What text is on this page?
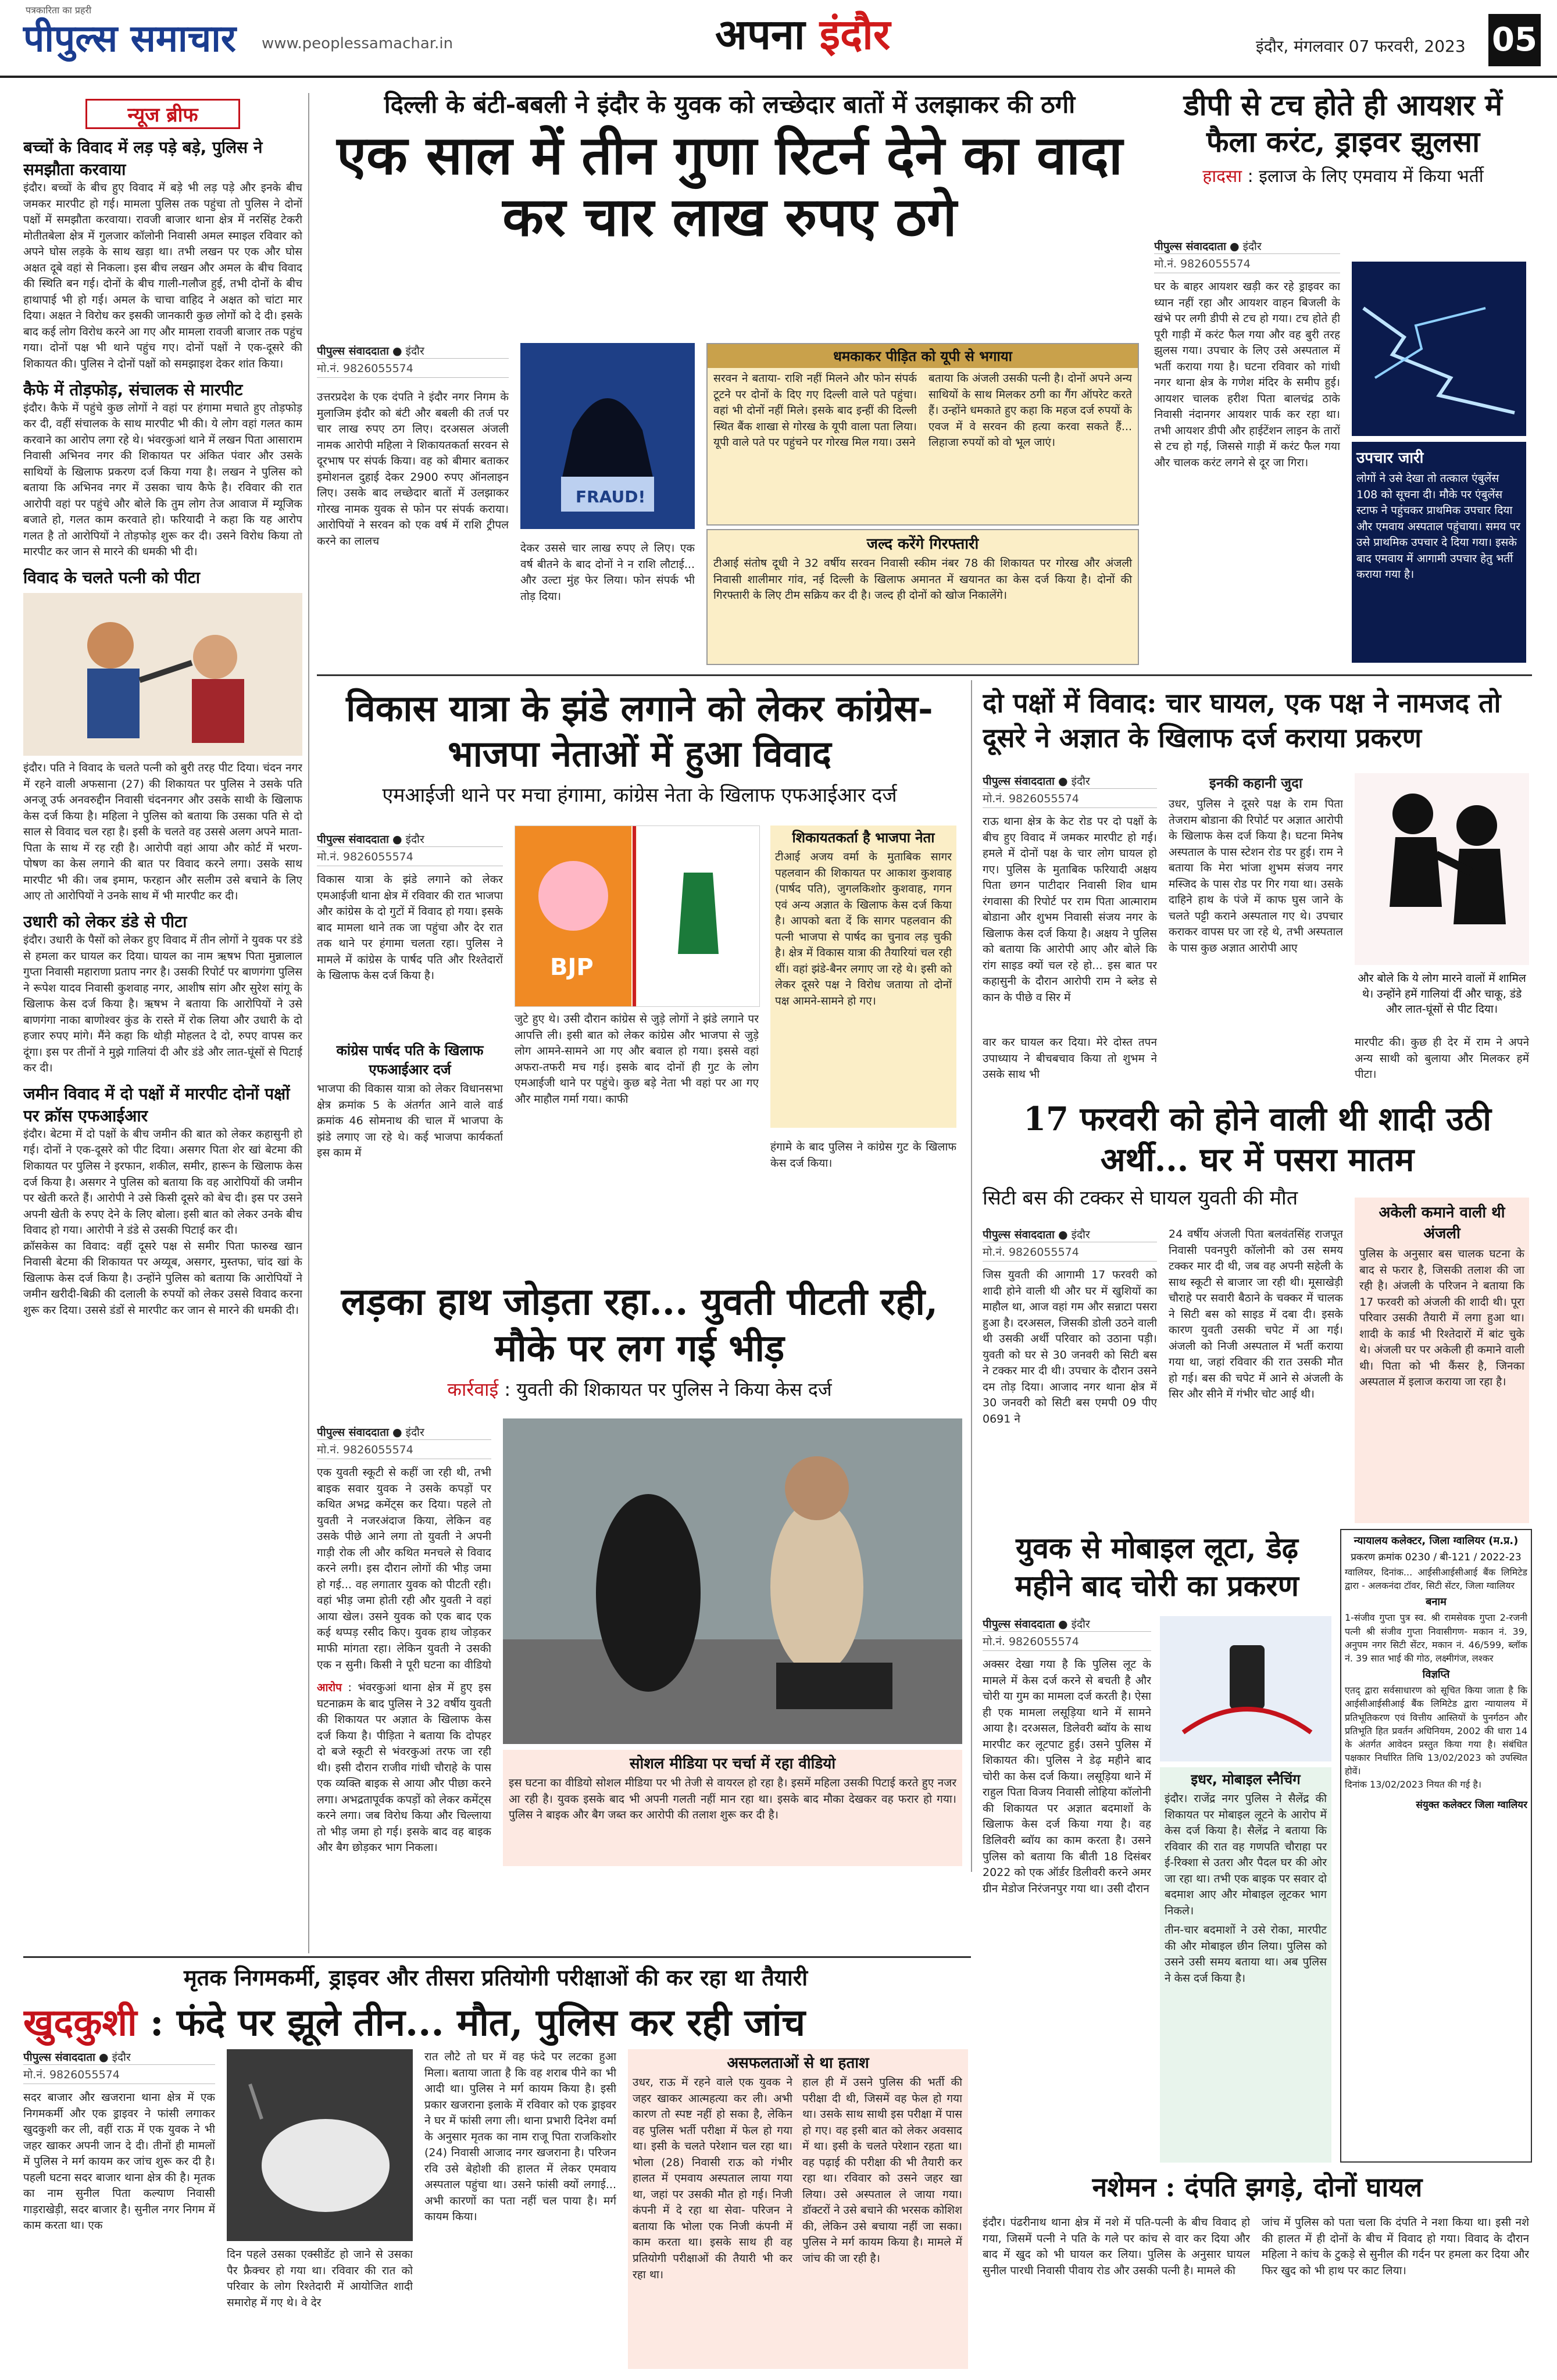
पत्रकारिता का प्रहरी
पीपुल्स समाचार www.peoplessamachar.in	अपना इंदौर	इंदौर, मंगलवार 07 फरवरी, 2023 05
न्यूज ब्रीफ
बच्चों के विवाद में लड़ पड़े बड़े, पुलिस ने समझौता करवाया
इंदौर। बच्चों के बीच हुए विवाद में बड़े भी लड़ पड़े और इनके बीच जमकर मारपीट हो गई। मामला पुलिस तक पहुंचा तो पुलिस ने दोनों पक्षों में समझौता करवाया। रावजी बाजार थाना क्षेत्र में नरसिंह टेकरी मोतीतबेला क्षेत्र में गुलजार कॉलोनी निवासी अमल स्माइल रविवार को अपने घोस लड़के के साथ खड़ा था। तभी लखन पर एक और घोस अक्षत दूबे वहां से निकला। इस बीच लखन और अमल के बीच विवाद की स्थिति बन गई। दोनों के बीच गाली-गलौज हुई, तभी दोनों के बीच हाथापाई भी हो गई। अमल के चाचा वाहिद ने अक्षत को चांटा मार दिया। अक्षत ने विरोध कर इसकी जानकारी कुछ लोगों को दे दी। इसके बाद कई लोग विरोध करने आ गए और मामला रावजी बाजार तक पहुंच गया। दोनों पक्ष भी थाने पहुंच गए। दोनों पक्षों ने एक-दूसरे की शिकायत की। पुलिस ने दोनों पक्षों को समझाइश देकर शांत किया।
कैफे में तोड़फोड़, संचालक से मारपीट
इंदौर। कैफे में पहुंचे कुछ लोगों ने वहां पर हंगामा मचाते हुए तोड़फोड़ कर दी, वहीं संचालक के साथ मारपीट भी की। ये लोग वहां गलत काम करवाने का आरोप लगा रहे थे। भंवरकुआं थाने में लखन पिता आसाराम निवासी अभिनव नगर की शिकायत पर अंकित पंवार और उसके साथियों के खिलाफ प्रकरण दर्ज किया गया है। लखन ने पुलिस को बताया कि अभिनव नगर में उसका चाय कैफे है। रविवार की रात आरोपी वहां पर पहुंचे और बोले कि तुम लोग तेज आवाज में म्यूजिक बजाते हो, गलत काम करवाते हो। फरियादी ने कहा कि यह आरोप गलत है तो आरोपियों ने तोड़फोड़ शुरू कर दी। उसने विरोध किया तो मारपीट कर जान से मारने की धमकी भी दी।
विवाद के चलते पत्नी को पीटा
इंदौर। पति ने विवाद के चलते पत्नी को बुरी तरह पीट दिया। चंदन नगर में रहने वाली अफसाना (27) की शिकायत पर पुलिस ने उसके पति अनजू उर्फ अनवरुद्दीन निवासी चंदननगर और उसके साथी के खिलाफ केस दर्ज किया है। महिला ने पुलिस को बताया कि उसका पति से दो साल से विवाद चल रहा है। इसी के चलते वह उससे अलग अपने माता-पिता के साथ में रह रही है। आरोपी वहां आया और कोर्ट में भरण-पोषण का केस लगाने की बात पर विवाद करने लगा। उसके साथ मारपीट भी की। जब इमाम, फरहान और सलीम उसे बचाने के लिए आए तो आरोपियों ने उनके साथ में भी मारपीट कर दी।
उधारी को लेकर डंडे से पीटा
इंदौर। उधारी के पैसों को लेकर हुए विवाद में तीन लोगों ने युवक पर डंडे से हमला कर घायल कर दिया। घायल का नाम ऋषभ पिता मुन्नालाल गुप्ता निवासी महाराणा प्रताप नगर है। उसकी रिपोर्ट पर बाणगंगा पुलिस ने रूपेश यादव निवासी कुशवाह नगर, आशीष सांग और सुरेश सांगू के खिलाफ केस दर्ज किया है। ऋषभ ने बताया कि आरोपियों ने उसे बाणगंगा नाका बाणोश्वर कुंड के रास्ते में रोक लिया और उधारी के दो हजार रुपए मांगे। मैंने कहा कि थोड़ी मोहलत दे दो, रुपए वापस कर दूंगा। इस पर तीनों ने मुझे गालियां दी और डंडे और लात-घूंसों से पिटाई कर दी।
जमीन विवाद में दो पक्षों में मारपीट दोनों पक्षों पर क्रॉस एफआईआर
इंदौर। बेटमा में दो पक्षों के बीच जमीन की बात को लेकर कहासुनी हो गई। दोनों ने एक-दूसरे को पीट दिया। असगर पिता शेर खां बेटमा की शिकायत पर पुलिस ने इरफान, शकील, समीर, हारून के खिलाफ केस दर्ज किया है। असगर ने पुलिस को बताया कि वह आरोपियों की जमीन पर खेती करते हैं। आरोपी ने उसे किसी दूसरे को बेच दी। इस पर उसने अपनी खेती के रुपए देने के लिए बोला। इसी बात को लेकर उनके बीच विवाद हो गया। आरोपी ने डंडे से उसकी पिटाई कर दी।
क्रॉसकेस का विवाद: वहीं दूसरे पक्ष से समीर पिता फारुख खान निवासी बेटमा की शिकायत पर अय्यूब, असगर, मुस्तफा, चांद खां के खिलाफ केस दर्ज किया है। उन्होंने पुलिस को बताया कि आरोपियों ने जमीन खरीदी-बिक्री की दलाली के रुपयों को लेकर उससे विवाद करना शुरू कर दिया। उससे डंडों से मारपीट कर जान से मारने की धमकी दी।
दिल्ली के बंटी-बबली ने इंदौर के युवक को लच्छेदार बातों में उलझाकर की ठगी
एक साल में तीन गुणा रिटर्न देने का वादा कर चार लाख रुपए ठगे
पीपुल्स संवाददाता ● इंदौर
मो.नं. 9826055574
उत्तरप्रदेश के एक दंपति ने इंदौर नगर निगम के मुलाजिम इंदौर को बंटी और बबली की तर्ज पर चार लाख रुपए ठग लिए। दरअसल अंजली नामक आरोपी महिला ने शिकायतकर्ता सरवन से दूरभाष पर संपर्क किया। वह को बीमार बताकर इमोशनल दुहाई देकर 2900 रुपए ऑनलाइन लिए। उसके बाद लच्छेदार बातों में उलझाकर गोरख नामक युवक से फोन पर संपर्क कराया। आरोपियों ने सरवन को एक वर्ष में राशि ट्रीपल करने का लालच
FRAUD!
देकर उससे चार लाख रुपए ले लिए। एक वर्ष बीतने के बाद दोनों ने न राशि लौटाई... और उल्टा मुंह फेर लिया। फोन संपर्क भी तोड़ दिया।
धमकाकर पीड़ित को यूपी से भगाया
सरवन ने बताया- राशि नहीं मिलने और फोन संपर्क टूटने पर दोनों के दिए गए दिल्ली वाले पते पहुंचा। वहां भी दोनों नहीं मिले। इसके बाद इन्हीं की दिल्ली स्थित बैंक शाखा से गोरख के यूपी वाला पता लिया। यूपी वाले पते पर पहुंचने पर गोरख मिल गया। उसने
बताया कि अंजली उसकी पत्नी है। दोनों अपने अन्य साथियों के साथ मिलकर ठगी का गैंग ऑपरेट करते हैं। उन्होंने धमकाते हुए कहा कि महज दर्ज रुपयों के एवज में वे सरवन की हत्या करवा सकते हैं... लिहाजा रुपयों को वो भूल जाएं।
जल्द करेंगे गिरफ्तारी
टीआई संतोष दूधी ने 32 वर्षीय सरवन निवासी स्कीम नंबर 78 की शिकायत पर गोरख और अंजली निवासी शालीमार गांव, नई दिल्ली के खिलाफ अमानत में खयानत का केस दर्ज किया है। दोनों की गिरफ्तारी के लिए टीम सक्रिय कर दी है। जल्द ही दोनों को खोज निकालेंगे।
डीपी से टच होते ही आयशर में फैला करंट, ड्राइवर झुलसा
हादसा : इलाज के लिए एमवाय में किया भर्ती
पीपुल्स संवाददाता ● इंदौर
मो.नं. 9826055574
घर के बाहर आयशर खड़ी कर रहे ड्राइवर का ध्यान नहीं रहा और आयशर वाहन बिजली के खंभे पर लगी डीपी से टच हो गया। टच होते ही पूरी गाड़ी में करंट फैल गया और वह बुरी तरह झुलस गया। उपचार के लिए उसे अस्पताल में भर्ती कराया गया है। घटना रविवार को गांधी नगर थाना क्षेत्र के गणेश मंदिर के समीप हुई। आयशर चालक हरीश पिता बालचंद्र ठाके निवासी नंदानगर आयशर पार्क कर रहा था। तभी आयशर डीपी और हाईटेंशन लाइन के तारों से टच हो गई, जिससे गाड़ी में करंट फैल गया और चालक करंट लगने से दूर जा गिरा।	उपचार जारी
लोगों ने उसे देखा तो तत्काल एंबुलेंस 108 को सूचना दी। मौके पर एंबुलेंस स्टाफ ने पहुंचकर प्राथमिक उपचार दिया और एमवाय अस्पताल पहुंचाया। समय पर उसे प्राथमिक उपचार दे दिया गया। इसके बाद एमवाय में आगामी उपचार हेतु भर्ती कराया गया है।
विकास यात्रा के झंडे लगाने को लेकर कांग्रेस-भाजपा नेताओं में हुआ विवाद
एमआईजी थाने पर मचा हंगामा, कांग्रेस नेता के खिलाफ एफआईआर दर्ज
पीपुल्स संवाददाता ● इंदौर
मो.नं. 9826055574
विकास यात्रा के झंडे लगाने को लेकर एमआईजी थाना क्षेत्र में रविवार की रात भाजपा और कांग्रेस के दो गुटों में विवाद हो गया। इसके बाद मामला थाने तक जा पहुंचा और देर रात तक थाने पर हंगामा चलता रहा। पुलिस ने मामले में कांग्रेस के पार्षद पति और रिश्तेदारों के खिलाफ केस दर्ज किया है।
कांग्रेस पार्षद पति के खिलाफ एफआईआर दर्ज
भाजपा की विकास यात्रा को लेकर विधानसभा क्षेत्र क्रमांक 5 के अंतर्गत आने वाले वार्ड क्रमांक 46 सोमनाथ की चाल में भाजपा के झंडे लगाए जा रहे थे। कई भाजपा कार्यकर्ता इस काम में
BJP
जुटे हुए थे। उसी दौरान कांग्रेस से जुड़े लोगों ने झंडे लगाने पर आपत्ति ली। इसी बात को लेकर कांग्रेस और भाजपा से जुड़े लोग आमने-सामने आ गए और बवाल हो गया। इससे वहां अफरा-तफरी मच गई। इसके बाद दोनों ही गुट के लोग एमआईजी थाने पर पहुंचे। कुछ बड़े नेता भी वहां पर आ गए और माहौल गर्मा गया। काफी
शिकायतकर्ता है भाजपा नेता
टीआई अजय वर्मा के मुताबिक सागर पहलवान की शिकायत पर आकाश कुशवाह (पार्षद पति), जुगलकिशोर कुशवाह, गगन एवं अन्य अज्ञात के खिलाफ केस दर्ज किया है। आपको बता दें कि सागर पहलवान की पत्नी भाजपा से पार्षद का चुनाव लड़ चुकी है। क्षेत्र में विकास यात्रा की तैयारियां चल रही थीं। वहां झंडे-बैनर लगाए जा रहे थे। इसी को लेकर दूसरे पक्ष ने विरोध जताया तो दोनों पक्ष आमने-सामने हो गए।
हंगामे के बाद पुलिस ने कांग्रेस गुट के खिलाफ केस दर्ज किया।
दो पक्षों में विवाद: चार घायल, एक पक्ष ने नामजद तो दूसरे ने अज्ञात के खिलाफ दर्ज कराया प्रकरण
पीपुल्स संवाददाता ● इंदौर
मो.नं. 9826055574
राऊ थाना क्षेत्र के केट रोड पर दो पक्षों के बीच हुए विवाद में जमकर मारपीट हो गई। हमले में दोनों पक्ष के चार लोग घायल हो गए। पुलिस के मुताबिक फरियादी अक्षय पिता छगन पाटीदार निवासी शिव धाम रंगवासा की रिपोर्ट पर राम पिता आत्माराम बोडाना और शुभम निवासी संजय नगर के खिलाफ केस दर्ज किया है। अक्षय ने पुलिस को बताया कि आरोपी आए और बोले कि रांग साइड क्यों चल रहे हो... इस बात पर कहासुनी के दौरान आरोपी राम ने ब्लेड से कान के पीछे व सिर में
इनकी कहानी जुदा
उधर, पुलिस ने दूसरे पक्ष के राम पिता तेजराम बोडाना की रिपोर्ट पर अज्ञात आरोपी के खिलाफ केस दर्ज किया है। घटना मिनेष अस्पताल के पास स्टेशन रोड पर हुई। राम ने बताया कि मेरा भांजा शुभम संजय नगर मस्जिद के पास रोड पर गिर गया था। उसके दाहिने हाथ के पंजे में काफ घुस जाने के चलते पट्टी कराने अस्पताल गए थे। उपचार कराकर वापस घर जा रहे थे, तभी अस्पताल के पास कुछ अज्ञात आरोपी आए
और बोले कि ये लोग मारने वालों में शामिल थे। उन्होंने हमें गालियां दीं और चाकू, डंडे और लात-घूंसों से पीट दिया।
वार कर घायल कर दिया। मेरे दोस्त तपन उपाध्याय ने बीचबचाव किया तो शुभम ने उसके साथ भी
मारपीट की। कुछ ही देर में राम ने अपने अन्य साथी को बुलाया और मिलकर हमें पीटा।
लड़का हाथ जोड़ता रहा... युवती पीटती रही, मौके पर लग गई भीड़
कार्रवाई : युवती की शिकायत पर पुलिस ने किया केस दर्ज
पीपुल्स संवाददाता ● इंदौर
मो.नं. 9826055574
एक युवती स्कूटी से कहीं जा रही थी, तभी बाइक सवार युवक ने उसके कपड़ों पर कथित अभद्र कमेंट्स कर दिया। पहले तो युवती ने नजरअंदाज किया, लेकिन वह उसके पीछे आने लगा तो युवती ने अपनी गाड़ी रोक ली और कथित मनचले से विवाद करने लगी। इस दौरान लोगों की भीड़ जमा हो गई... वह लगातार युवक को पीटती रही। वहां भीड़ जमा होती रही और युवती ने वहां आया खेल। उसने युवक को एक बाद एक कई थप्पड़ रसीद किए। युवक हाथ जोड़कर माफी मांगता रहा। लेकिन युवती ने उसकी एक न सुनी। किसी ने पूरी घटना का वीडियो
आरोप : भंवरकुआं थाना क्षेत्र में हुए इस घटनाक्रम के बाद पुलिस ने 32 वर्षीय युवती की शिकायत पर अज्ञात के खिलाफ केस दर्ज किया है। पीड़िता ने बताया कि दोपहर दो बजे स्कूटी से भंवरकुआं तरफ जा रही थी। इसी दौरान राजीव गांधी चौराहे के पास एक व्यक्ति बाइक से आया और पीछा करने लगा। अभद्रतापूर्वक कपड़ों को लेकर कमेंट्स करने लगा। जब विरोध किया और चिल्लाया तो भीड़ जमा हो गई। इसके बाद वह बाइक और बैग छोड़कर भाग निकला।
सोशल मीडिया पर चर्चा में रहा वीडियो
इस घटना का वीडियो सोशल मीडिया पर भी तेजी से वायरल हो रहा है। इसमें महिला उसकी पिटाई करते हुए नजर आ रही है। युवक इसके बाद भी अपनी गलती नहीं मान रहा था। इसके बाद मौका देखकर वह फरार हो गया। पुलिस ने बाइक और बैग जब्त कर आरोपी की तलाश शुरू कर दी है।
17 फरवरी को होने वाली थी शादी उठी अर्थी... घर में पसरा मातम
सिटी बस की टक्कर से घायल युवती की मौत
पीपुल्स संवाददाता ● इंदौर
मो.नं. 9826055574
जिस युवती की आगामी 17 फरवरी को शादी होने वाली थी और घर में खुशियों का माहौल था, आज वहां गम और सन्नाटा पसरा हुआ है। दरअसल, जिसकी डोली उठने वाली थी उसकी अर्थी परिवार को उठाना पड़ी। युवती को घर से 30 जनवरी को सिटी बस ने टक्कर मार दी थी। उपचार के दौरान उसने दम तोड़ दिया। आजाद नगर थाना क्षेत्र में 30 जनवरी को सिटी बस एमपी 09 पीए 0691 ने
24 वर्षीय अंजली पिता बलवंतसिंह राजपूत निवासी पवनपुरी कॉलोनी को उस समय टक्कर मार दी थी, जब वह अपनी सहेली के साथ स्कूटी से बाजार जा रही थी। मूसाखेड़ी चौराहे पर सवारी बैठाने के चक्कर में चालक ने सिटी बस को साइड में दबा दी। इसके कारण युवती उसकी चपेट में आ गई। अंजली को निजी अस्पताल में भर्ती कराया गया था, जहां रविवार की रात उसकी मौत हो गई। बस की चपेट में आने से अंजली के सिर और सीने में गंभीर चोट आई थी।
अकेली कमाने वाली थी अंजली
पुलिस के अनुसार बस चालक घटना के बाद से फरार है, जिसकी तलाश की जा रही है। अंजली के परिजन ने बताया कि 17 फरवरी को अंजली की शादी थी। पूरा परिवार उसकी तैयारी में लगा हुआ था। शादी के कार्ड भी रिश्तेदारों में बांट चुके थे। अंजली घर पर अकेली ही कमाने वाली थी। पिता को भी कैंसर है, जिनका अस्पताल में इलाज कराया जा रहा है।
युवक से मोबाइल लूटा, डेढ़ महीने बाद चोरी का प्रकरण
पीपुल्स संवाददाता ● इंदौर
मो.नं. 9826055574
अक्सर देखा गया है कि पुलिस लूट के मामले में केस दर्ज करने से बचती है और चोरी या गुम का मामला दर्ज करती है। ऐसा ही एक मामला लसूड़िया थाने में सामने आया है। दरअसल, डिलेवरी ब्वॉय के साथ मारपीट कर लूटपाट हुई। उसने पुलिस में शिकायत की। पुलिस ने डेढ़ महीने बाद चोरी का केस दर्ज किया। लसूड़िया थाने में राहुल पिता विजय निवासी लोहिया कॉलोनी की शिकायत पर अज्ञात बदमाशों के खिलाफ केस दर्ज किया गया है। वह डिलिवरी ब्वॉय का काम करता है। उसने पुलिस को बताया कि बीती 18 दिसंबर 2022 को एक ऑर्डर डिलीवरी करने अमर ग्रीन मेडोज निरंजनपुर गया था। उसी दौरान
इधर, मोबाइल स्नैचिंग
इंदौर। राजेंद्र नगर पुलिस ने सैलेंद्र की शिकायत पर मोबाइल लूटने के आरोप में केस दर्ज किया है। सैलेंद्र ने बताया कि रविवार की रात वह गणपति चौराहा पर ई-रिक्शा से उतरा और पैदल घर की ओर जा रहा था। तभी एक बाइक पर सवार दो बदमाश आए और मोबाइल लूटकर भाग निकले।
तीन-चार बदमाशों ने उसे रोका, मारपीट की और मोबाइल छीन लिया। पुलिस को उसने उसी समय बताया था। अब पुलिस ने केस दर्ज किया है।
न्यायालय कलेक्टर, जिला ग्वालियर (म.प्र.)
प्रकरण क्रमांक 0230 / बी-121 / 2022-23
ग्वालियर, दिनांक... आईसीआईसीआई बैंक लिमिटेड द्वारा - अलकनंदा टॉवर, सिटी सेंटर, जिला ग्वालियर
बनाम
1-संजीव गुप्ता पुत्र स्व. श्री रामसेवक गुप्ता 2-रजनी पत्नी श्री संजीव गुप्ता निवासीगण- मकान नं. 39, अनुपम नगर सिटी सेंटर, मकान नं. 46/599, ब्लॉक नं. 39 सात भाई की गोठ, लक्ष्मीगंज, लश्कर
विज्ञप्ति
एतद् द्वारा सर्वसाधारण को सूचित किया जाता है कि आईसीआईसीआई बैंक लिमिटेड द्वारा न्यायालय में प्रतिभूतिकरण एवं वित्तीय आस्तियों के पुनर्गठन और प्रतिभूति हित प्रवर्तन अधिनियम, 2002 की धारा 14 के अंतर्गत आवेदन प्रस्तुत किया गया है। संबंधित पक्षकार निर्धारित तिथि 13/02/2023 को उपस्थित होवें।
दिनांक 13/02/2023 नियत की गई है।
संयुक्त कलेक्टर जिला ग्वालियर
मृतक निगमकर्मी, ड्राइवर और तीसरा प्रतियोगी परीक्षाओं की कर रहा था तैयारी
खुदकुशी : फंदे पर झूले तीन... मौत, पुलिस कर रही जांच
पीपुल्स संवाददाता ● इंदौर
मो.नं. 9826055574
सदर बाजार और खजराना थाना क्षेत्र में एक निगमकर्मी और एक ड्राइवर ने फांसी लगाकर खुदकुशी कर ली, वहीं राऊ में एक युवक ने भी जहर खाकर अपनी जान दे दी। तीनों ही मामलों में पुलिस ने मर्ग कायम कर जांच शुरू कर दी है। पहली घटना सदर बाजार थाना क्षेत्र की है। मृतक का नाम सुनील पिता कल्याण निवासी गाड़राखेड़ी, सदर बाजार है। सुनील नगर निगम में काम करता था। एक
दिन पहले उसका एक्सीडेंट हो जाने से उसका पैर फ्रैक्चर हो गया था। रविवार की रात को परिवार के लोग रिश्तेदारी में आयोजित शादी समारोह में गए थे। वे देर
रात लौटे तो घर में वह फंदे पर लटका हुआ मिला। बताया जाता है कि वह शराब पीने का भी आदी था। पुलिस ने मर्ग कायम किया है। इसी प्रकार खजराना इलाके में रविवार को एक ड्राइवर ने घर में फांसी लगा ली। थाना प्रभारी दिनेश वर्मा के अनुसार मृतक का नाम राजू पिता राजकिशोर (24) निवासी आजाद नगर खजराना है। परिजन रवि उसे बेहोशी की हालत में लेकर एमवाय अस्पताल पहुंचा था। उसने फांसी क्यों लगाई... अभी कारणों का पता नहीं चल पाया है। मर्ग कायम किया।
असफलताओं से था हताश
उधर, राऊ में रहने वाले एक युवक ने जहर खाकर आत्महत्या कर ली। अभी कारण तो स्पष्ट नहीं हो सका है, लेकिन वह पुलिस भर्ती परीक्षा में फेल हो गया था। इसी के चलते परेशान चल रहा था। भोला (28) निवासी राऊ को गंभीर हालत में एमवाय अस्पताल लाया गया था, जहां पर उसकी मौत हो गई। निजी कंपनी में दे रहा था सेवा- परिजन ने बताया कि भोला एक निजी कंपनी में काम करता था। इसके साथ ही वह प्रतियोगी परीक्षाओं की तैयारी भी कर रहा था।
हाल ही में उसने पुलिस की भर्ती की परीक्षा दी थी, जिसमें वह फेल हो गया था। उसके साथ साथी इस परीक्षा में पास हो गए। वह इसी बात को लेकर अवसाद में था। इसी के चलते परेशान रहता था। वह पढ़ाई की परीक्षा की भी तैयारी कर रहा था। रविवार को उसने जहर खा लिया। उसे अस्पताल ले जाया गया। डॉक्टरों ने उसे बचाने की भरसक कोशिश की, लेकिन उसे बचाया नहीं जा सका। पुलिस ने मर्ग कायम किया है। मामले में जांच की जा रही है।
नशेमन : दंपति झगड़े, दोनों घायल
इंदौर। पंढरीनाथ थाना क्षेत्र में नशे में पति-पत्नी के बीच विवाद हो गया, जिसमें पत्नी ने पति के गले पर कांच से वार कर दिया और बाद में खुद को भी घायल कर लिया। पुलिस के अनुसार घायल सुनील पारधी निवासी पीवाय रोड और उसकी पत्नी है। मामले की
जांच में पुलिस को पता चला कि दंपति ने नशा किया था। इसी नशे की हालत में ही दोनों के बीच में विवाद हो गया। विवाद के दौरान महिला ने कांच के टुकड़े से सुनील की गर्दन पर हमला कर दिया और फिर खुद को भी हाथ पर काट लिया।
